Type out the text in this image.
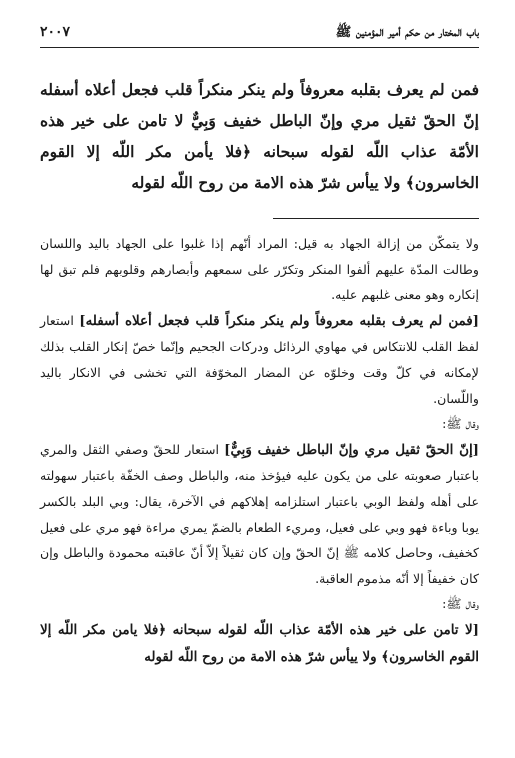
باب المختار من حكم أمير المؤمنين ﷺ
٢٠٠٧
فمن لم يعرف بقلبه معروفاً ولم ينكر منكراً قلب فجعل أعلاه أسفله إنّ الحقّ ثقيل مري وإنّ الباطل خفيف وَبِيٌّ لا تامن على خير هذه الأمّة عذاب اللّه لقوله سبحانه ﴿فلا يأمن مكر اللّه إلا القوم الخاسرون﴾ ولا ييأس شرّ هذه الامة من روح اللّه لقوله

ولا يتمكّن من إزالة الجهاد به قيل: المراد أنّهم إذا غلبوا على الجهاد باليد واللسان وطالت المدّة عليهم ألفوا المنكر وتكرّر على سمعهم وأبصارهم وقلوبهم فلم تبق لها إنكاره وهو معنى غلبهم عليه.

[فمن لم يعرف بقلبه معروفاً ولم ينكر منكراً قلب فجعل أعلاه أسفله] استعار لفظ القلب للانتكاس في مهاوي الرذائل ودركات الجحيم وإنّما خصّ إنكار القلب بذلك لإمكانه في كلّ وقت وخلوّه عن المضار المخوّفة التي تخشى في الانكار باليد واللّسان.

وقال ﷺ:

[إنّ الحقّ ثقيل مري وإنّ الباطل خفيف وَبِيٌّ] استعار للحقّ وصفي الثقل والمري باعتبار صعوبته على من يكون عليه فيؤخذ منه، والباطل وصف الخفّة باعتبار سهولته على أهله ولفظ الوبي باعتبار استلزامه إهلاكهم في الآخرة، يقال: وبي البلد بالكسر يوبا وباءة فهو وبي على فعيل، ومريء الطعام بالضمّ يمري مراءة فهو مري على فعيل كخفيف، وحاصل كلامه ﷺ إنّ الحقّ وإن كان ثقيلاً إلاّ أنّ عاقبته محمودة والباطل وإن كان خفيفاً إلا أنّه مذموم العاقبة.

وقال ﷺ:

[لا تامن على خير هذه الأمّة عذاب اللّه لقوله سبحانه ﴿فلا يامن مكر اللّه إلا القوم الخاسرون﴾ ولا ييأس شرّ هذه الامة من روح اللّه لقوله
